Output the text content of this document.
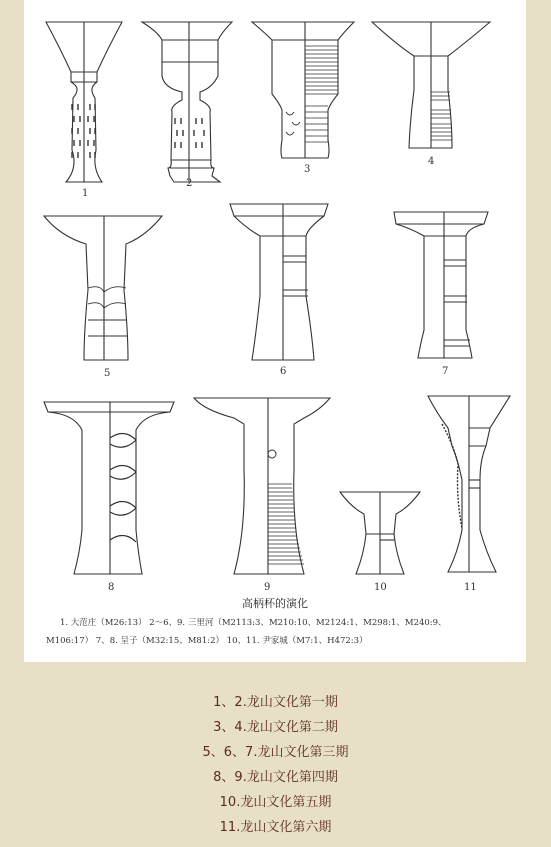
1
2
3
4
5	6	7
8	9	10	11
高柄杯的演化
1. 大范庄（M26:13） 2～6、9. 三里河（M2113:3、M210:10、M2124:1、M298:1、M240:9、
M106:17） 7、8. 呈子（M32:15、M81:2） 10、11. 尹家城（M7:1、H472:3）
1、2.龙山文化第一期
3、4.龙山文化第二期
5、6、7.龙山文化第三期
8、9.龙山文化第四期
10.龙山文化第五期
11.龙山文化第六期
